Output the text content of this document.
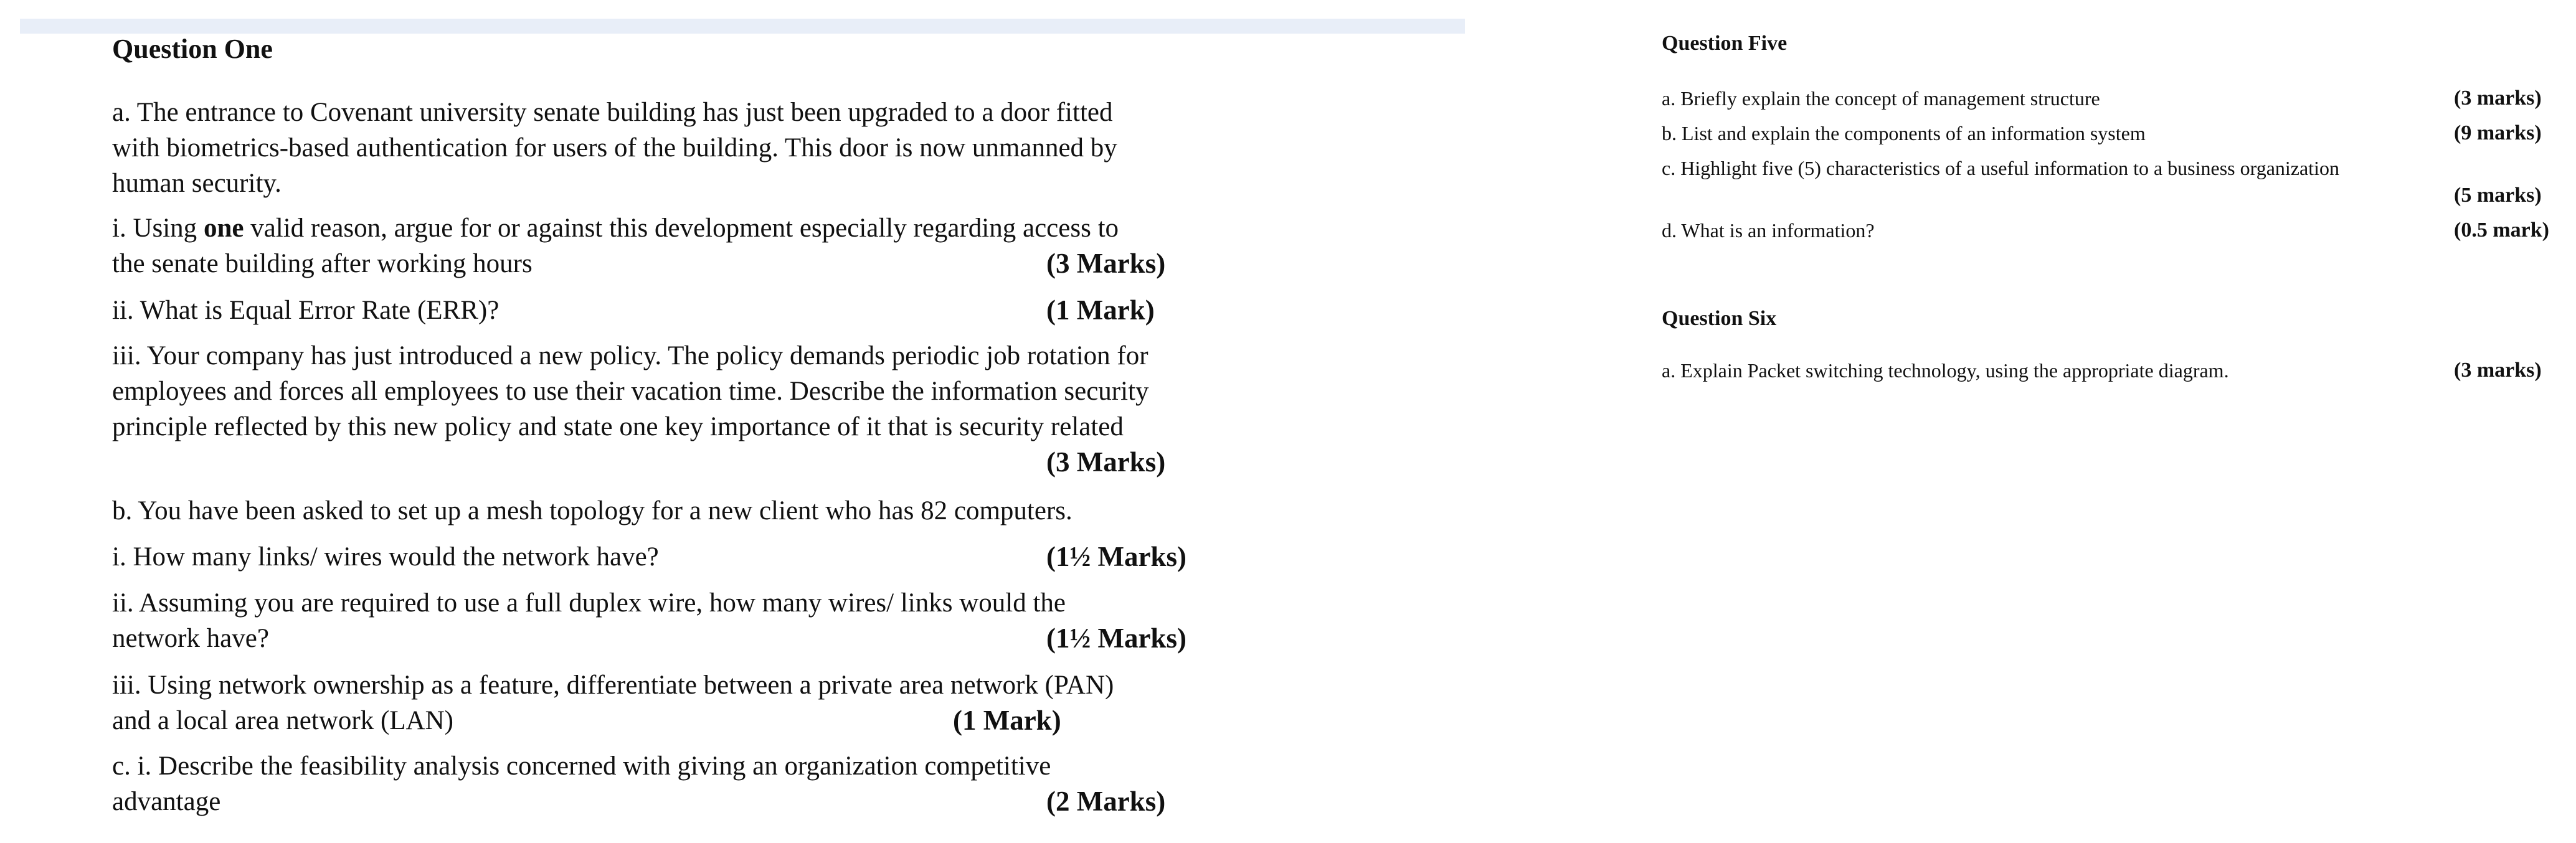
Question One
a. The entrance to Covenant university senate building has just been upgraded to a door fitted
with biometrics-based authentication for users of the building. This door is now unmanned by
human security.
i. Using one valid reason, argue for or against this development especially regarding access to
the senate building after working hours	(3 Marks)
ii. What is Equal Error Rate (ERR)?	(1 Mark)
iii. Your company has just introduced a new policy. The policy demands periodic job rotation for
employees and forces all employees to use their vacation time. Describe the information security
principle reflected by this new policy and state one key importance of it that is security related
(3 Marks)
b. You have been asked to set up a mesh topology for a new client who has 82 computers.
i. How many links/ wires would the network have?	(1½ Marks)
ii. Assuming you are required to use a full duplex wire, how many wires/ links would the
network have?	(1½ Marks)
iii. Using network ownership as a feature, differentiate between a private area network (PAN)
and a local area network (LAN)	(1 Mark)
c. i. Describe the feasibility analysis concerned with giving an organization competitive
advantage	(2 Marks)
Question Five
a. Briefly explain the concept of management structure	(3 marks)
b. List and explain the components of an information system	(9 marks)
c. Highlight five (5) characteristics of a useful information to a business organization
(5 marks)
d. What is an information?	(0.5 mark)
Question Six
a. Explain Packet switching technology, using the appropriate diagram.	(3 marks)
